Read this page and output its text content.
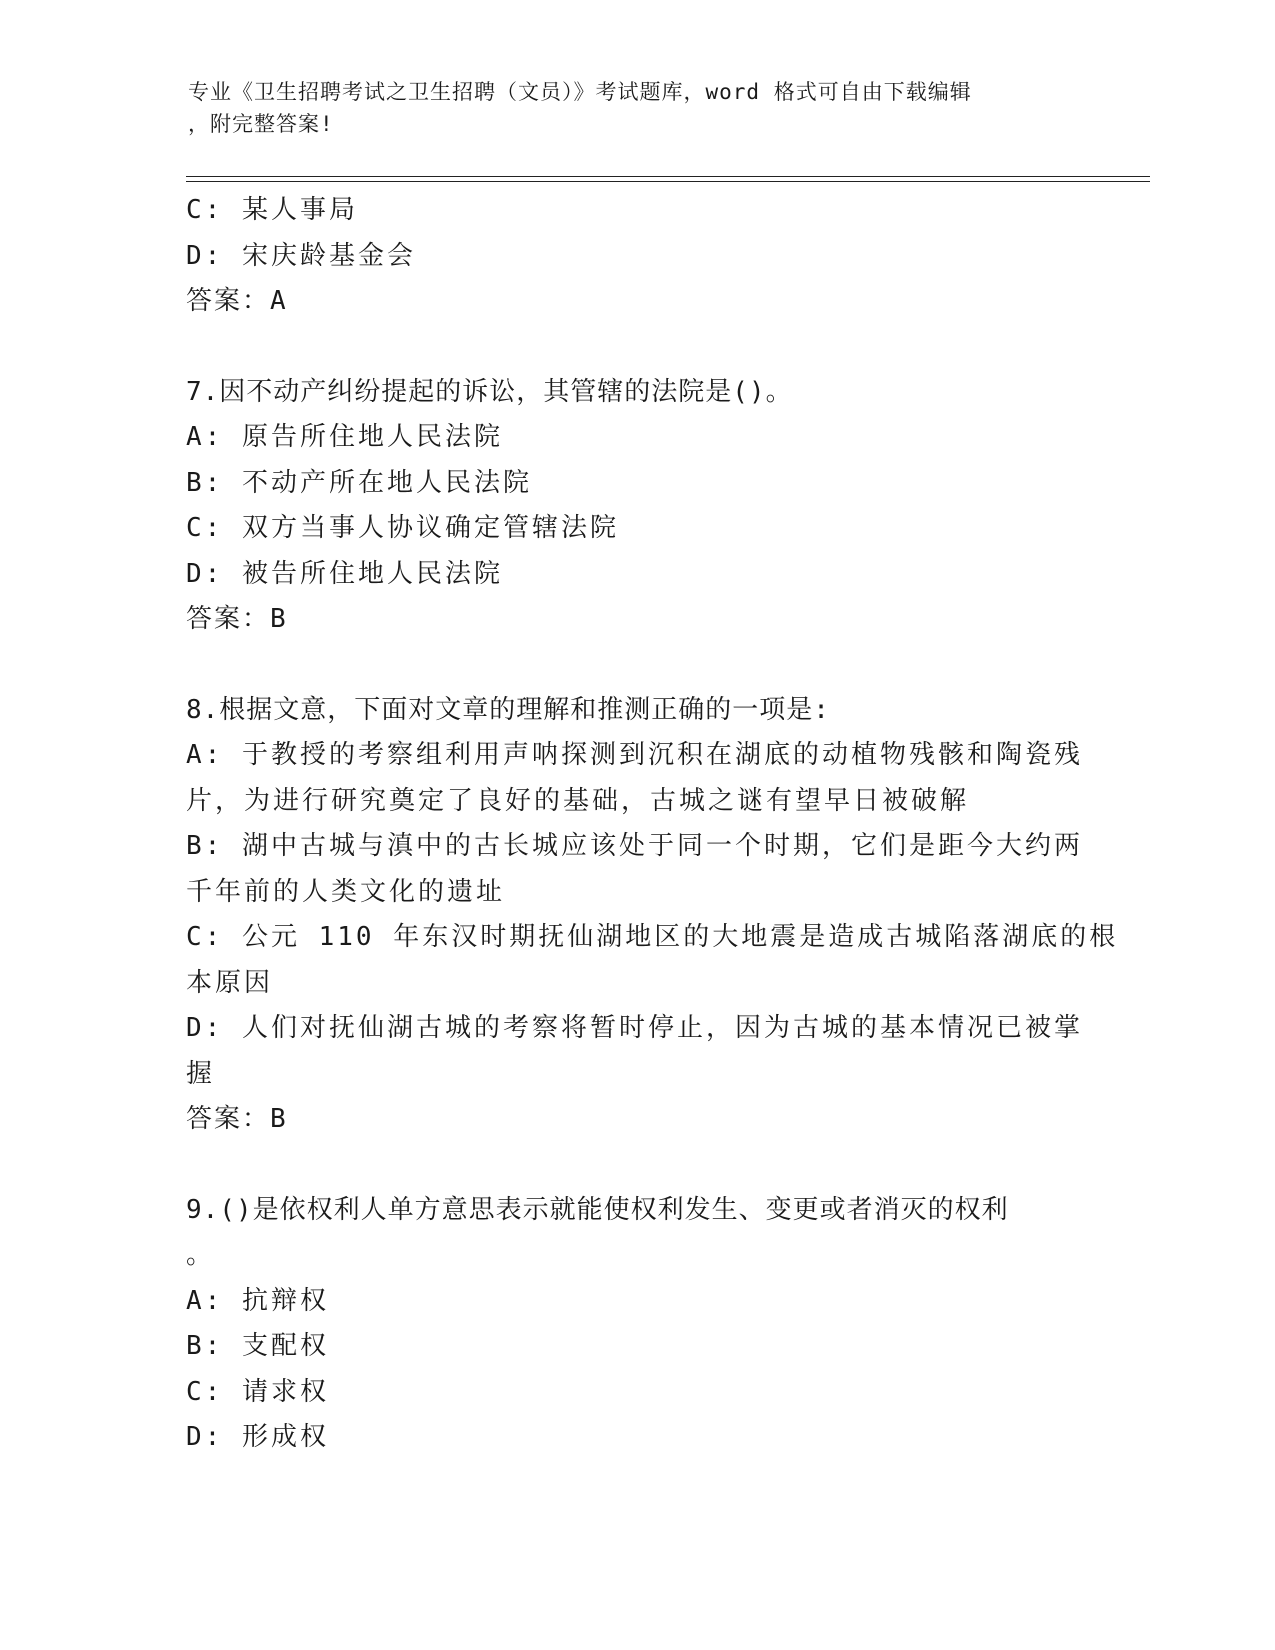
专业《卫生招聘考试之卫生招聘（文员）》考试题库，word 格式可自由下载编辑
，附完整答案!
C: 某人事局
D: 宋庆龄基金会
答案：A
7.因不动产纠纷提起的诉讼，其管辖的法院是()。
A: 原告所住地人民法院
B: 不动产所在地人民法院
C: 双方当事人协议确定管辖法院
D: 被告所住地人民法院
答案：B
8.根据文意，下面对文章的理解和推测正确的一项是:
A: 于教授的考察组利用声呐探测到沉积在湖底的动植物残骸和陶瓷残
片，为进行研究奠定了良好的基础，古城之谜有望早日被破解
B: 湖中古城与滇中的古长城应该处于同一个时期，它们是距今大约两
千年前的人类文化的遗址
C: 公元 110 年东汉时期抚仙湖地区的大地震是造成古城陷落湖底的根
本原因
D: 人们对抚仙湖古城的考察将暂时停止，因为古城的基本情况已被掌
握
答案：B
9.()是依权利人单方意思表示就能使权利发生、变更或者消灭的权利
。
A: 抗辩权
B: 支配权
C: 请求权
D: 形成权
